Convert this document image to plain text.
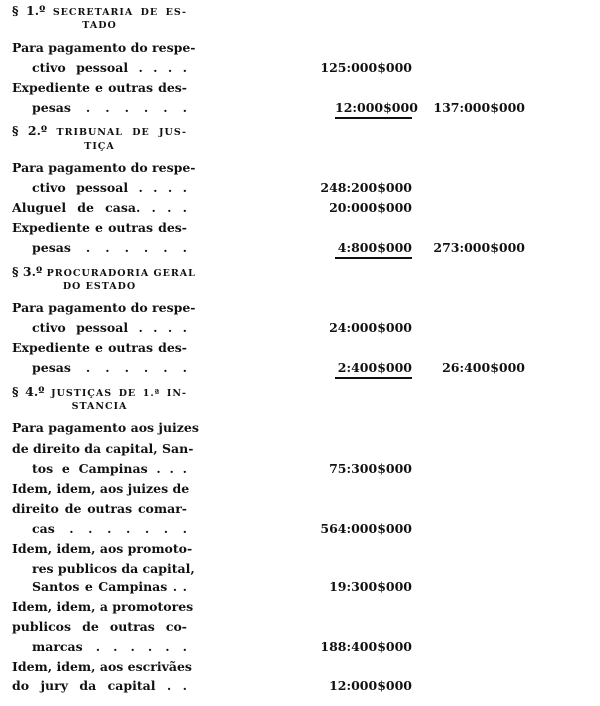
§ 1.º SECRETARIA DE ES-
TADO
Para pagamento do respe-
ctivo pessoal . . . .	125:000$000
Expediente e outras des-
pesas . . . . . .	12:000$000	137:000$000
§ 2.º TRIBUNAL DE JUS-
TIÇA
Para pagamento do respe-
ctivo pessoal . . . .	248:200$000
Aluguel de casa. . . .	20:000$000
Expediente e outras des-
pesas . . . . . .	4:800$000	273:000$000
§ 3.º PROCURADORIA GERAL
DO ESTADO
Para pagamento do respe-
ctivo pessoal . . . .	24:000$000
Expediente e outras des-
pesas . . . . . .	2:400$000	26:400$000
§ 4.º JUSTIÇAS DE 1.ª IN-
STANCIA
Para pagamento aos juizes
de direito da capital, San-
tos e Campinas . . .	75:300$000
Idem, idem, aos juizes de
direito de outras comar-
cas . . . . . . .	564:000$000
Idem, idem, aos promoto-
res publicos da capital,
Santos e Campinas . .	19:300$000
Idem, idem, a promotores
publicos de outras co-
marcas . . . . . .	188:400$000
Idem, idem, aos escrivães
do jury da capital . .	12:000$000
